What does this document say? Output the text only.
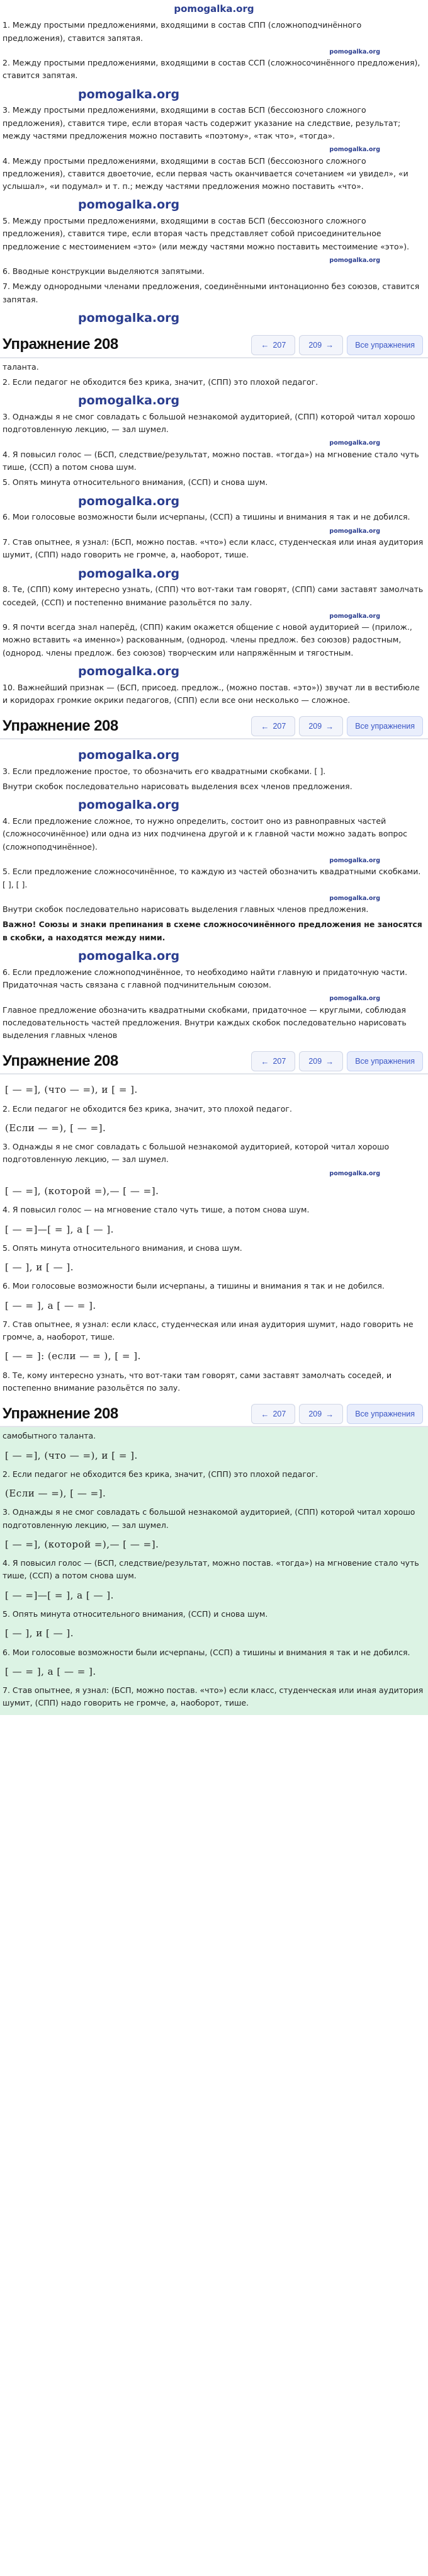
pomogalka.org

1. Между простыми предложениями, входящими в состав СПП (сложноподчинённого предложения), ставится запятая.

pomogalka.org

2. Между простыми предложениями, входящими в состав ССП (сложносочинённого предложения), ставится запятая.

pomogalka.org

3. Между простыми предложениями, входящими в состав БСП (бессоюзного сложного предложения), ставится тире, если вторая часть содержит указание на следствие, результат; между частями предложения можно поставить «поэтому», «так что», «тогда».

pomogalka.org

4. Между простыми предложениями, входящими в состав БСП (бессоюзного сложного предложения), ставится двоеточие, если первая часть оканчивается сочетанием «и увидел», «и услышал», «и подумал» и т. п.; между частями предложения можно поставить «что».

pomogalka.org

5. Между простыми предложениями, входящими в состав БСП (бессоюзного сложного предложения), ставится тире, если вторая часть представляет собой присоединительное предложение с местоимением «это» (или между частями можно поставить местоимение «это»).

pomogalka.org

6. Вводные конструкции выделяются запятыми.

7. Между однородными членами предложения, соединёнными интонационно без союзов, ставится запятая.

pomogalka.org
Упражнение 208	← 207	209 →	Все упражнения

таланта.

2. Если педагог не обходится без крика, значит, (СПП) это плохой педагог.

pomogalka.org

3. Однажды я не смог совладать с большой незнакомой аудиторией, (СПП) которой читал хорошо подготовленную лекцию, — зал шумел.

pomogalka.org

4. Я повысил голос — (БСП, следствие/результат, можно постав. «тогда») на мгновение стало чуть тише, (ССП) а потом снова шум.

5. Опять минута относительного внимания, (ССП) и снова шум.

pomogalka.org

6. Мои голосовые возможности были исчерпаны, (ССП) а тишины и внимания я так и не добился.

pomogalka.org

7. Став опытнее, я узнал: (БСП, можно постав. «что») если класс, студенческая или иная аудитория шумит, (СПП) надо говорить не громче, а, наоборот, тише.

pomogalka.org

8. Те, (СПП) кому интересно узнать, (СПП) что вот-таки там говорят, (СПП) сами заставят замолчать соседей, (ССП) и постепенно внимание разольётся по залу.

pomogalka.org

9. Я почти всегда знал наперёд, (СПП) каким окажется общение с новой аудиторией — (прилож., можно вставить «а именно») раскованным, (однород. члены предлож. без союзов) радостным, (однород. члены предлож. без союзов) творческим или напряжённым и тягостным.

pomogalka.org

10. Важнейший признак — (БСП, присоед. предлож., (можно постав. «это»)) звучат ли в вестибюле и коридорах громкие окрики педагогов, (СПП) если все они несколько — сложное.

Упражнение 208	← 207	209 →	Все упражнения
pomogalka.org

3. Если предложение простое, то обозначить его квадратными скобками. [ ].

Внутри скобок последовательно нарисовать выделения всех членов предложения.

pomogalka.org

4. Если предложение сложное, то нужно определить, состоит оно из равноправных частей (сложносочинённое) или одна из них подчинена другой и к главной части можно задать вопрос (сложноподчинённое).

pomogalka.org

5. Если предложение сложносочинённое, то каждую из частей обозначить квадратными скобками. [ ], [ ].

pomogalka.org

Внутри скобок последовательно нарисовать выделения главных членов предложения.

Важно! Союзы и знаки препинания в схеме сложносочинённого предложения не заносятся в скобки, а находятся между ними.

pomogalka.org

6. Если предложение сложноподчинённое, то необходимо найти главную и придаточную части. Придаточная часть связана с главной подчинительным союзом.

pomogalka.org

Главное предложение обозначить квадратными скобками, придаточное — круглыми, соблюдая последовательность частей предложения. Внутри каждых скобок последовательно нарисовать выделения главных членов

Упражнение 208	← 207	209 →	Все упражнения
[ — =], (что — =), и [ = ].

2. Если педагог не обходится без крика, значит, это плохой педагог.

(Если — =), [ — =].

3. Однажды я не смог совладать с большой незнакомой аудиторией, которой читал хорошо подготовленную лекцию, — зал шумел.

pomogalka.org
[ — =], (которой =),— [ — =].

4. Я повысил голос — на мгновение стало чуть тише, а потом снова шум.

[ — =]—[ = ], а [ — ].

5. Опять минута относительного внимания, и снова шум.

[ — ], и [ — ].

6. Мои голосовые возможности были исчерпаны, а тишины и внимания я так и не добился.

[ — = ], а [ — = ].

7. Став опытнее, я узнал: если класс, студенческая или иная аудитория шумит, надо говорить не громче, а, наоборот, тише.

[ — = ]: (если — = ), [ = ].

8. Те, кому интересно узнать, что вот-таки там говорят, сами заставят замолчать соседей, и постепенно внимание разольётся по залу.

Упражнение 208	← 207	209 →	Все упражнения

самобытного таланта.

[ — =], (что — =), и [ = ].

2. Если педагог не обходится без крика, значит, (СПП) это плохой педагог.

(Если — =), [ — =].

3. Однажды я не смог совладать с большой незнакомой аудиторией, (СПП) которой читал хорошо подготовленную лекцию, — зал шумел.

[ — =], (которой =),— [ — =].

4. Я повысил голос — (БСП, следствие/результат, можно постав. «тогда») на мгновение стало чуть тише, (ССП) а потом снова шум.

[ — =]—[ = ], а [ — ].

5. Опять минута относительного внимания, (ССП) и снова шум.

[ — ], и [ — ].

6. Мои голосовые возможности были исчерпаны, (ССП) а тишины и внимания я так и не добился.

[ — = ], а [ — = ].

7. Став опытнее, я узнал: (БСП, можно постав. «что») если класс, студенческая или иная аудитория шумит, (СПП) надо говорить не громче, а, наоборот, тише.
